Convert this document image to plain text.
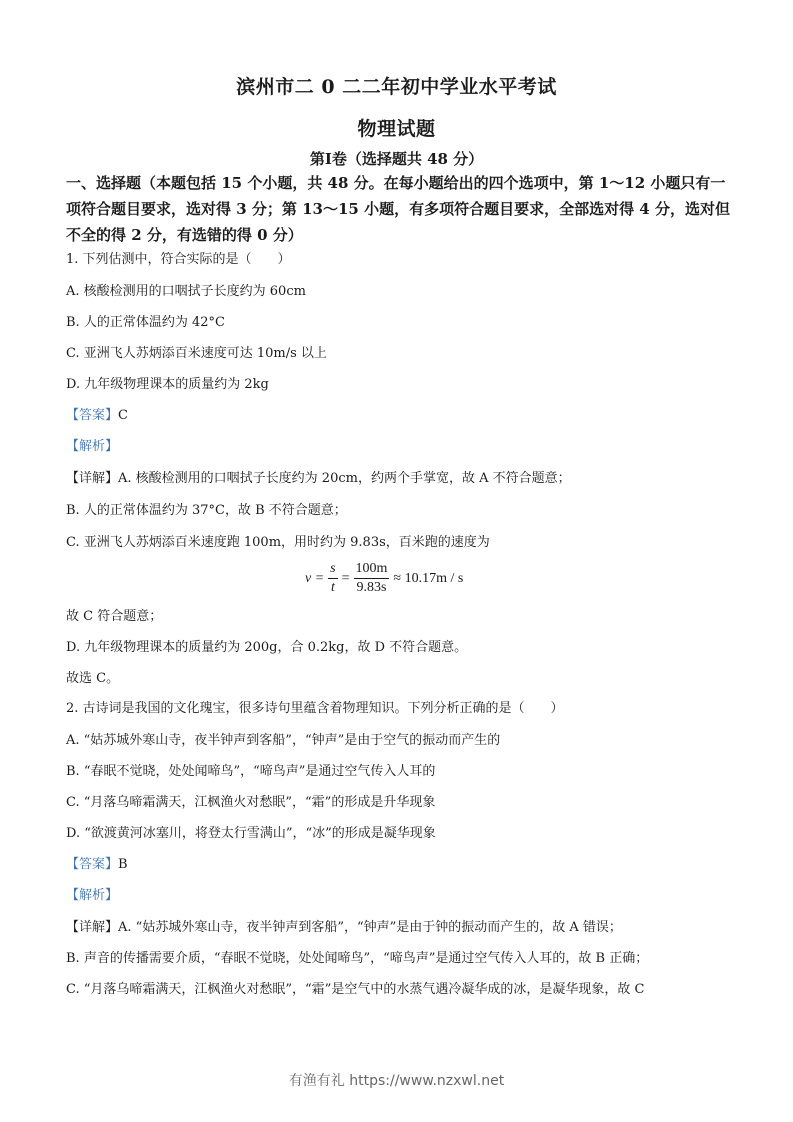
滨州市二 0 二二年初中学业水平考试
物理试题
第Ⅰ卷（选择题共 48 分）
一、选择题（本题包括 15 个小题，共 48 分。在每小题给出的四个选项中，第 1～12 小题只有一项符合题目要求，选对得 3 分；第 13～15 小题，有多项符合题目要求，全部选对得 4 分，选对但不全的得 2 分，有选错的得 0 分）
1. 下列估测中，符合实际的是（　　）
A. 核酸检测用的口咽拭子长度约为 60cm
B. 人的正常体温约为 42°C
C. 亚洲飞人苏炳添百米速度可达 10m/s 以上
D. 九年级物理课本的质量约为 2kg
【答案】C
【解析】
【详解】A. 核酸检测用的口咽拭子长度约为 20cm，约两个手掌宽，故 A 不符合题意；
B. 人的正常体温约为 37°C，故 B 不符合题意；
C. 亚洲飞人苏炳添百米速度跑 100m，用时约为 9.83s，百米跑的速度为
$v = \frac{s}{t} = \frac{100m}{9.83s} \approx 10.17m / s$
故 C 符合题意；
D. 九年级物理课本的质量约为 200g，合 0.2kg，故 D 不符合题意。
故选 C。
2. 古诗词是我国的文化瑰宝，很多诗句里蕴含着物理知识。下列分析正确的是（　　）
A. “姑苏城外寒山寺，夜半钟声到客船”，“钟声”是由于空气的振动而产生的
B. “春眠不觉晓，处处闻啼鸟”，“啼鸟声”是通过空气传入人耳的
C. “月落乌啼霜满天，江枫渔火对愁眠”，“霜”的形成是升华现象
D. “欲渡黄河冰塞川，将登太行雪满山”，“冰”的形成是凝华现象
【答案】B
【解析】
【详解】A. “姑苏城外寒山寺，夜半钟声到客船”，“钟声”是由于钟的振动而产生的，故 A 错误；
B. 声音的传播需要介质，“春眠不觉晓，处处闻啼鸟”，“啼鸟声”是通过空气传入人耳的，故 B 正确；
C. “月落乌啼霜满天，江枫渔火对愁眠”，“霜”是空气中的水蒸气遇冷凝华成的冰，是凝华现象，故 C
有渔有礼 https://www.nzxwl.net
